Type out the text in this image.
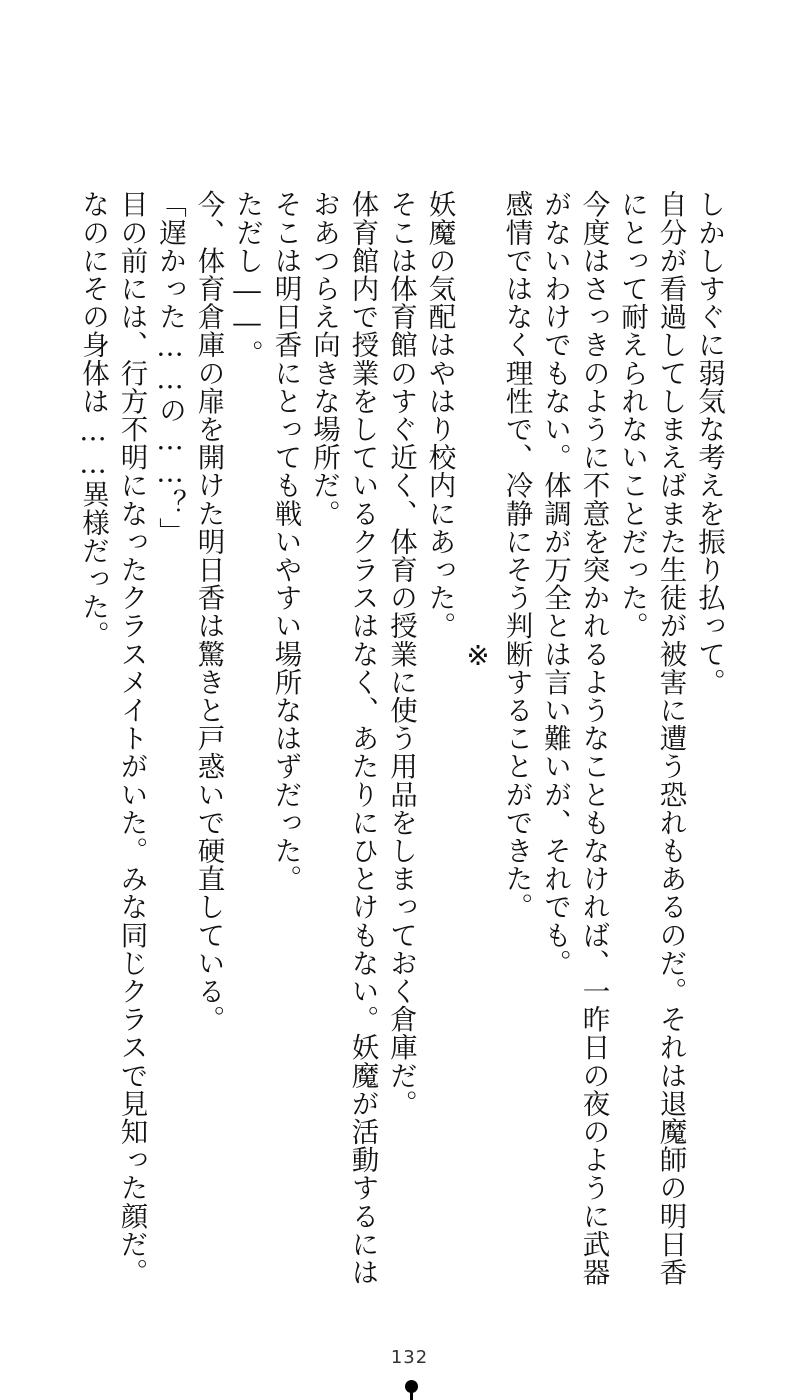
しかしすぐに弱気な考えを振り払って。
自分が看過してしまえばまた生徒が被害に遭う恐れもあるのだ。それは退魔師の明日香
にとって耐えられないことだった。
今度はさっきのように不意を突かれるようなこともなければ、一昨日の夜のように武器
がないわけでもない。体調が万全とは言い難いが、それでも。
感情ではなく理性で、冷静にそう判断することができた。
※
妖魔の気配はやはり校内にあった。
そこは体育館のすぐ近く、体育の授業に使う用品をしまっておく倉庫だ。
体育館内で授業をしているクラスはなく、あたりにひとけもない。妖魔が活動するには
おあつらえ向きな場所だ。
そこは明日香にとっても戦いやすい場所なはずだった。
ただし――。
今、体育倉庫の扉を開けた明日香は驚きと戸惑いで硬直している。
「遅かった……の……？」
目の前には、行方不明になったクラスメイトがいた。みな同じクラスで見知った顔だ。
なのにその身体は……異様だった。
132
